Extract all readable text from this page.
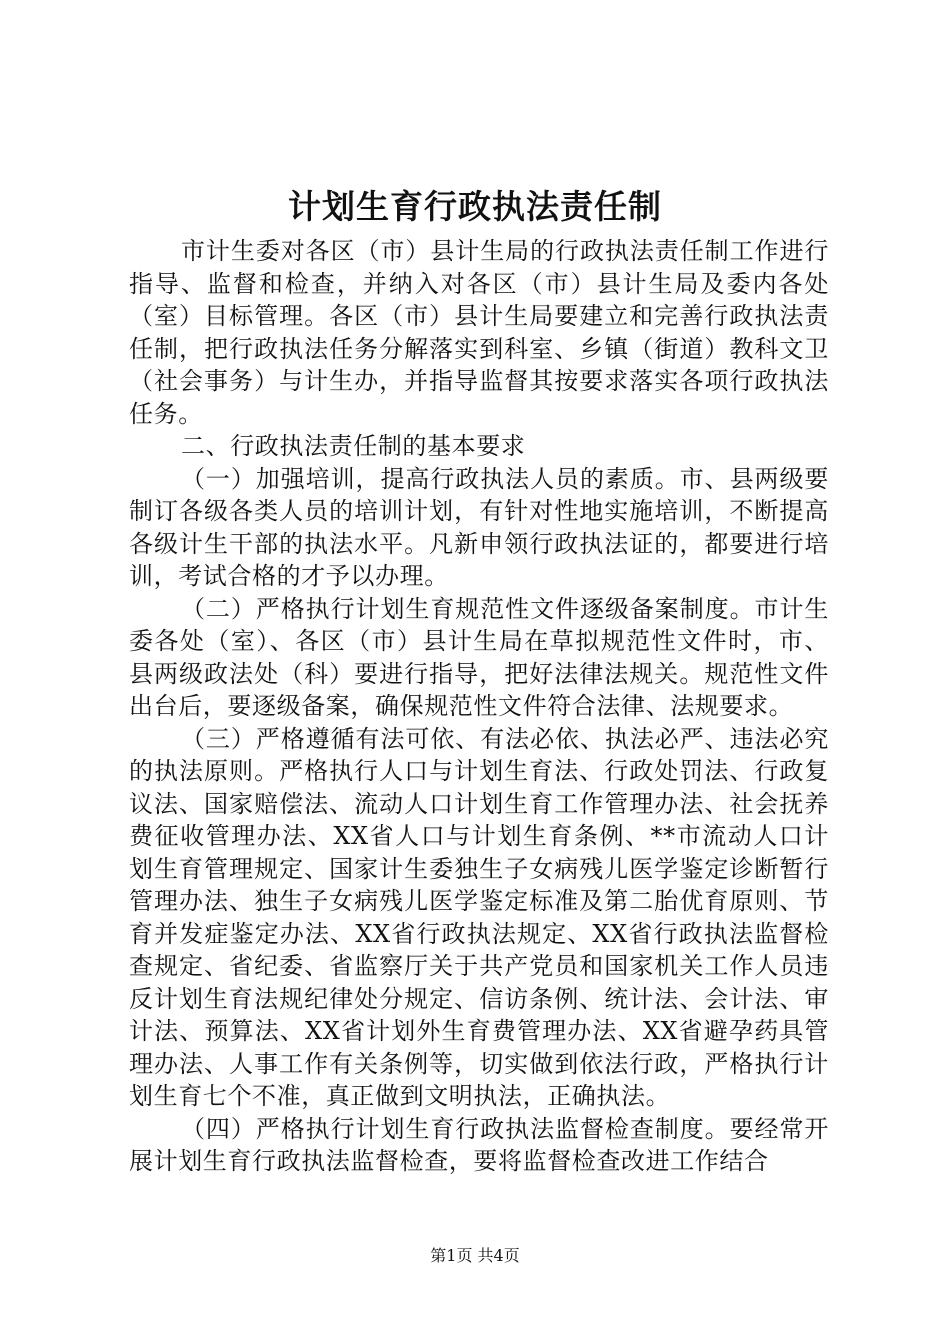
计划生育行政执法责任制

市计生委对各区（市）县计生局的行政执法责任制工作进行指导、监督和检查，并纳入对各区（市）县计生局及委内各处（室）目标管理。各区（市）县计生局要建立和完善行政执法责任制，把行政执法任务分解落实到科室、乡镇（街道）教科文卫（社会事务）与计生办，并指导监督其按要求落实各项行政执法任务。

二、行政执法责任制的基本要求

（一）加强培训，提高行政执法人员的素质。市、县两级要制订各级各类人员的培训计划，有针对性地实施培训，不断提高各级计生干部的执法水平。凡新申领行政执法证的，都要进行培训，考试合格的才予以办理。

（二）严格执行计划生育规范性文件逐级备案制度。市计生委各处（室）、各区（市）县计生局在草拟规范性文件时，市、县两级政法处（科）要进行指导，把好法律法规关。规范性文件出台后，要逐级备案，确保规范性文件符合法律、法规要求。

（三）严格遵循有法可依、有法必依、执法必严、违法必究的执法原则。严格执行人口与计划生育法、行政处罚法、行政复议法、国家赔偿法、流动人口计划生育工作管理办法、社会抚养费征收管理办法、XX省人口与计划生育条例、**市流动人口计划生育管理规定、国家计生委独生子女病残儿医学鉴定诊断暂行管理办法、独生子女病残儿医学鉴定标准及第二胎优育原则、节育并发症鉴定办法、XX省行政执法规定、XX省行政执法监督检查规定、省纪委、省监察厅关于共产党员和国家机关工作人员违反计划生育法规纪律处分规定、信访条例、统计法、会计法、审计法、预算法、XX省计划外生育费管理办法、XX省避孕药具管理办法、人事工作有关条例等，切实做到依法行政，严格执行计划生育七个不准，真正做到文明执法，正确执法。

（四）严格执行计划生育行政执法监督检查制度。要经常开展计划生育行政执法监督检查，要将监督检查改进工作结合

第1页 共4页
